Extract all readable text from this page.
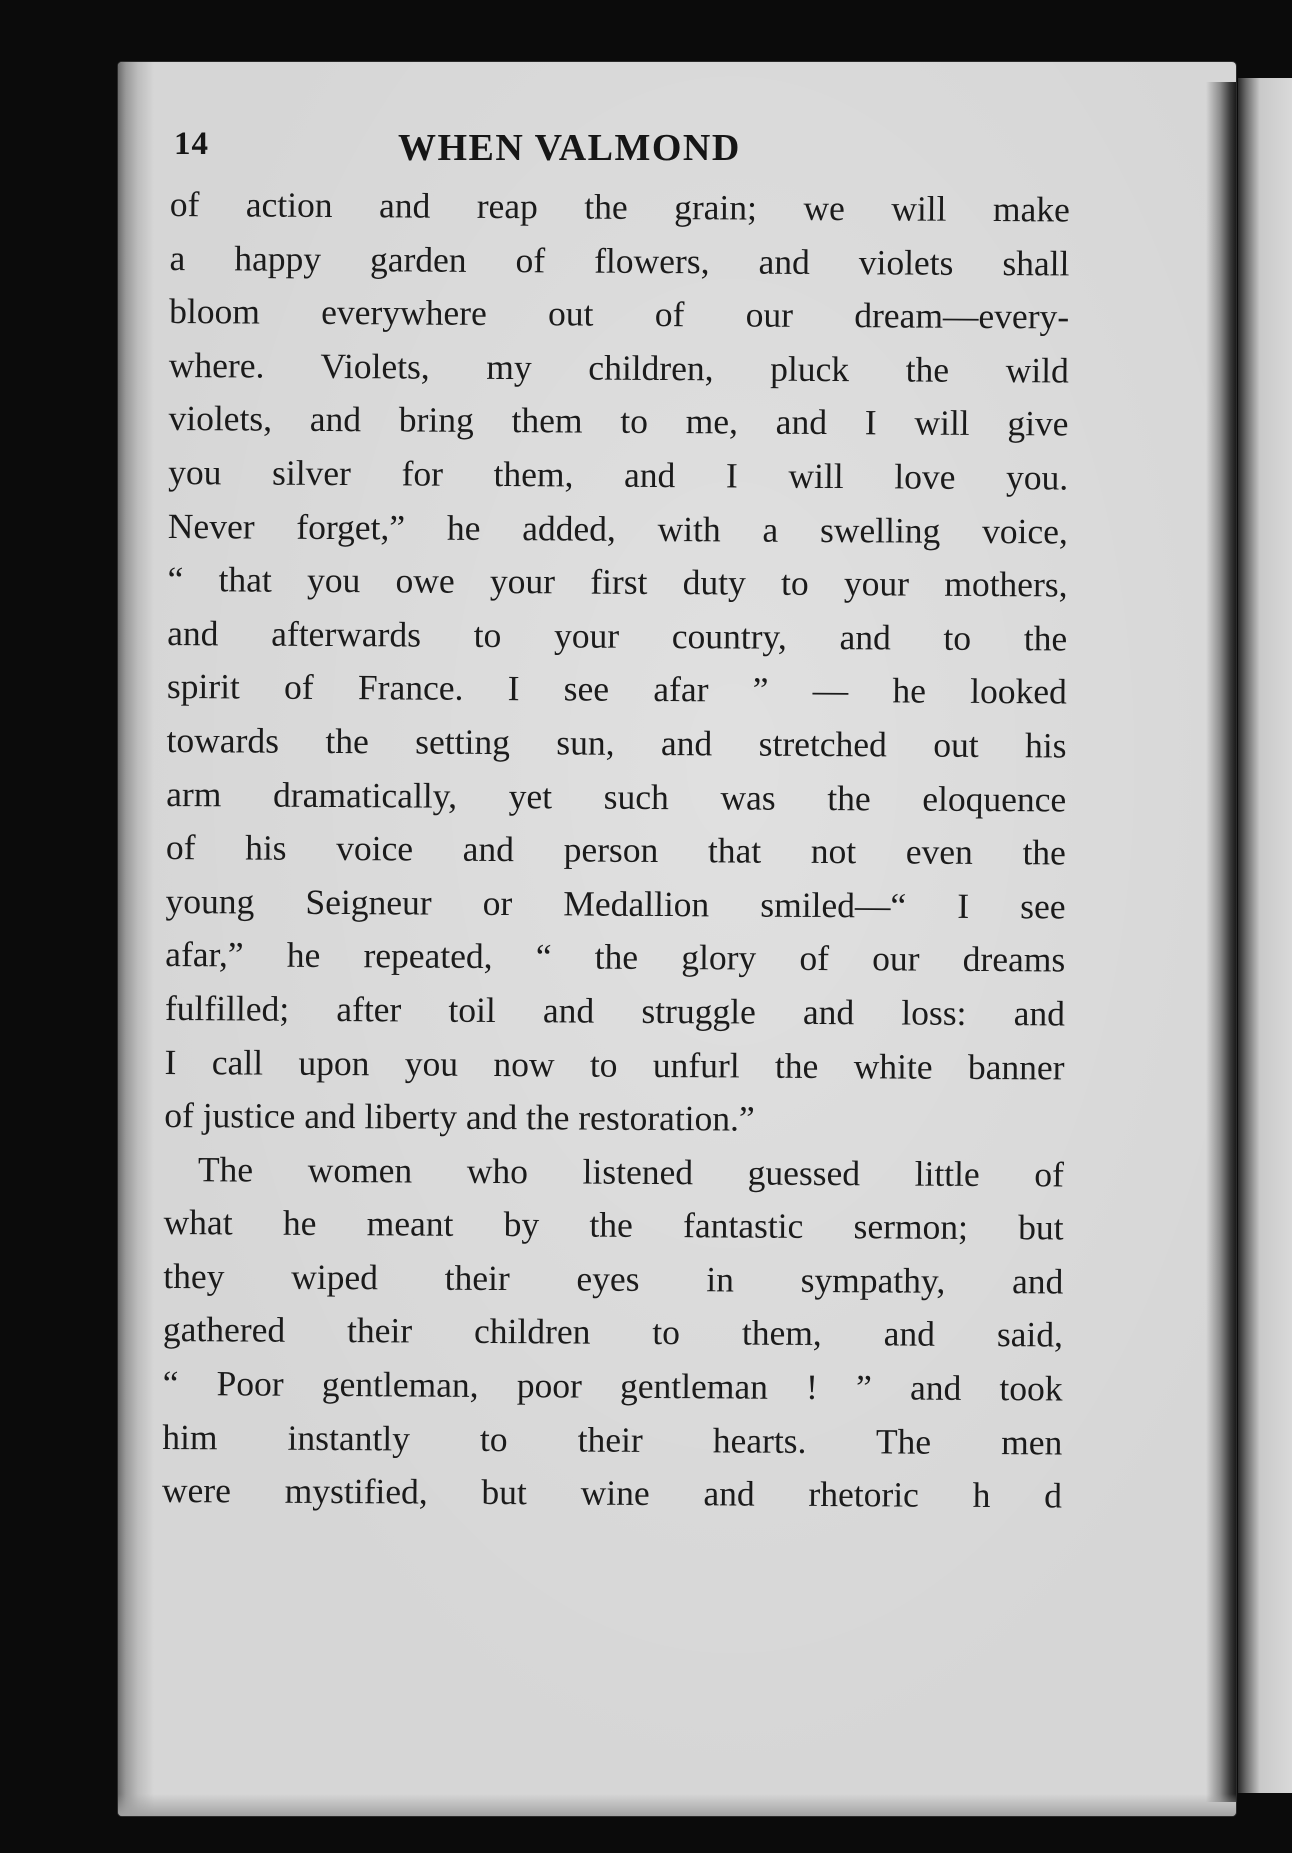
14	WHEN VALMOND
of action and reap the grain; we will make
a happy garden of flowers, and violets shall
bloom everywhere out of our dream—every-
where. Violets, my children, pluck the wild
violets, and bring them to me, and I will give
you silver for them, and I will love you.
Never forget,” he added, with a swelling voice,
“ that you owe your first duty to your mothers,
and afterwards to your country, and to the
spirit of France. I see afar ” — he looked
towards the setting sun, and stretched out his
arm dramatically, yet such was the eloquence
of his voice and person that not even the
young Seigneur or Medallion smiled—“ I see
afar,” he repeated, “ the glory of our dreams
fulfilled; after toil and struggle and loss: and
I call upon you now to unfurl the white banner
of justice and liberty and the restoration.”
The women who listened guessed little of
what he meant by the fantastic sermon; but
they wiped their eyes in sympathy, and
gathered their children to them, and said,
“ Poor gentleman, poor gentleman ! ” and took
him instantly to their hearts. The men
were mystified, but wine and rhetoric h d
